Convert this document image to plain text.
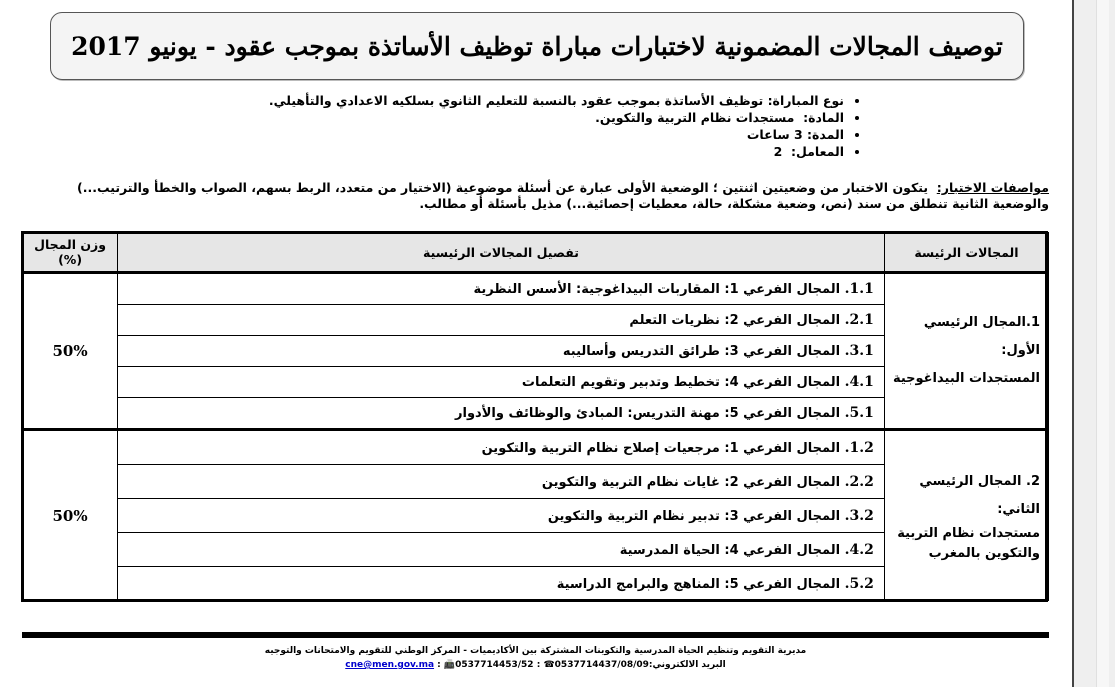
توصيف المجالات المضمونية لاختبارات مباراة توظيف الأساتذة بموجب عقود - يونيو 2017
• نوع المباراة: توظيف الأساتذة بموجب عقود بالنسبة للتعليم الثانوي بسلكيه الاعدادي والتأهيلي.
• المادة:  مستجدات نظام التربية والتكوين.
• المدة: 3 ساعات
• المعامل:  2
مواصفات الاختبار:  يتكون الاختبار من وضعيتين اثنتين ؛ الوضعية الأولى عبارة عن أسئلة موضوعية (الاختيار من متعدد، الربط بسهم، الصواب والخطأ والترتيب...)
والوضعية الثانية تنطلق من سند (نص، وضعية مشكلة، حالة، معطيات إحصائية...) مذيل بأسئلة أو مطالب.
المجالات الرئيسة	تفصيل المجالات الرئيسية	وزن المجال (%)

1.المجال الرئيسي الأول:
المستجدات البيداغوجية	1.1. المجال الفرعي 1: المقاربات البيداغوجية: الأسس النظرية	50%
	2.1. المجال الفرعي 2: نظريات التعلم	
	3.1. المجال الفرعي 3: طرائق التدريس وأساليبه	
	4.1. المجال الفرعي 4: تخطيط وتدبير وتقويم التعلمات	
	5.1. المجال الفرعي 5: مهنة التدريس: المبادئ والوظائف والأدوار	

2. المجال الرئيسي الثاني:
مستجدات نظام التربية والتكوين بالمغرب	1.2. المجال الفرعي 1: مرجعيات إصلاح نظام التربية والتكوين	50%
	2.2. المجال الفرعي 2: غايات نظام التربية والتكوين	
	3.2. المجال الفرعي 3: تدبير نظام التربية والتكوين	
	4.2. المجال الفرعي 4: الحياة المدرسية	
	5.2. المجال الفرعي 5: المناهج والبرامج الدراسية	
مديرية التقويم وتنظيم الحياة المدرسية والتكوينات المشتركة بين الأكاديميات - المركز الوطني للتقويم والامتحانات والتوجيه
البريد الالكتروني:cne@men.gov.ma : 📠0537714453/52 : ☎0537714437/08/09
